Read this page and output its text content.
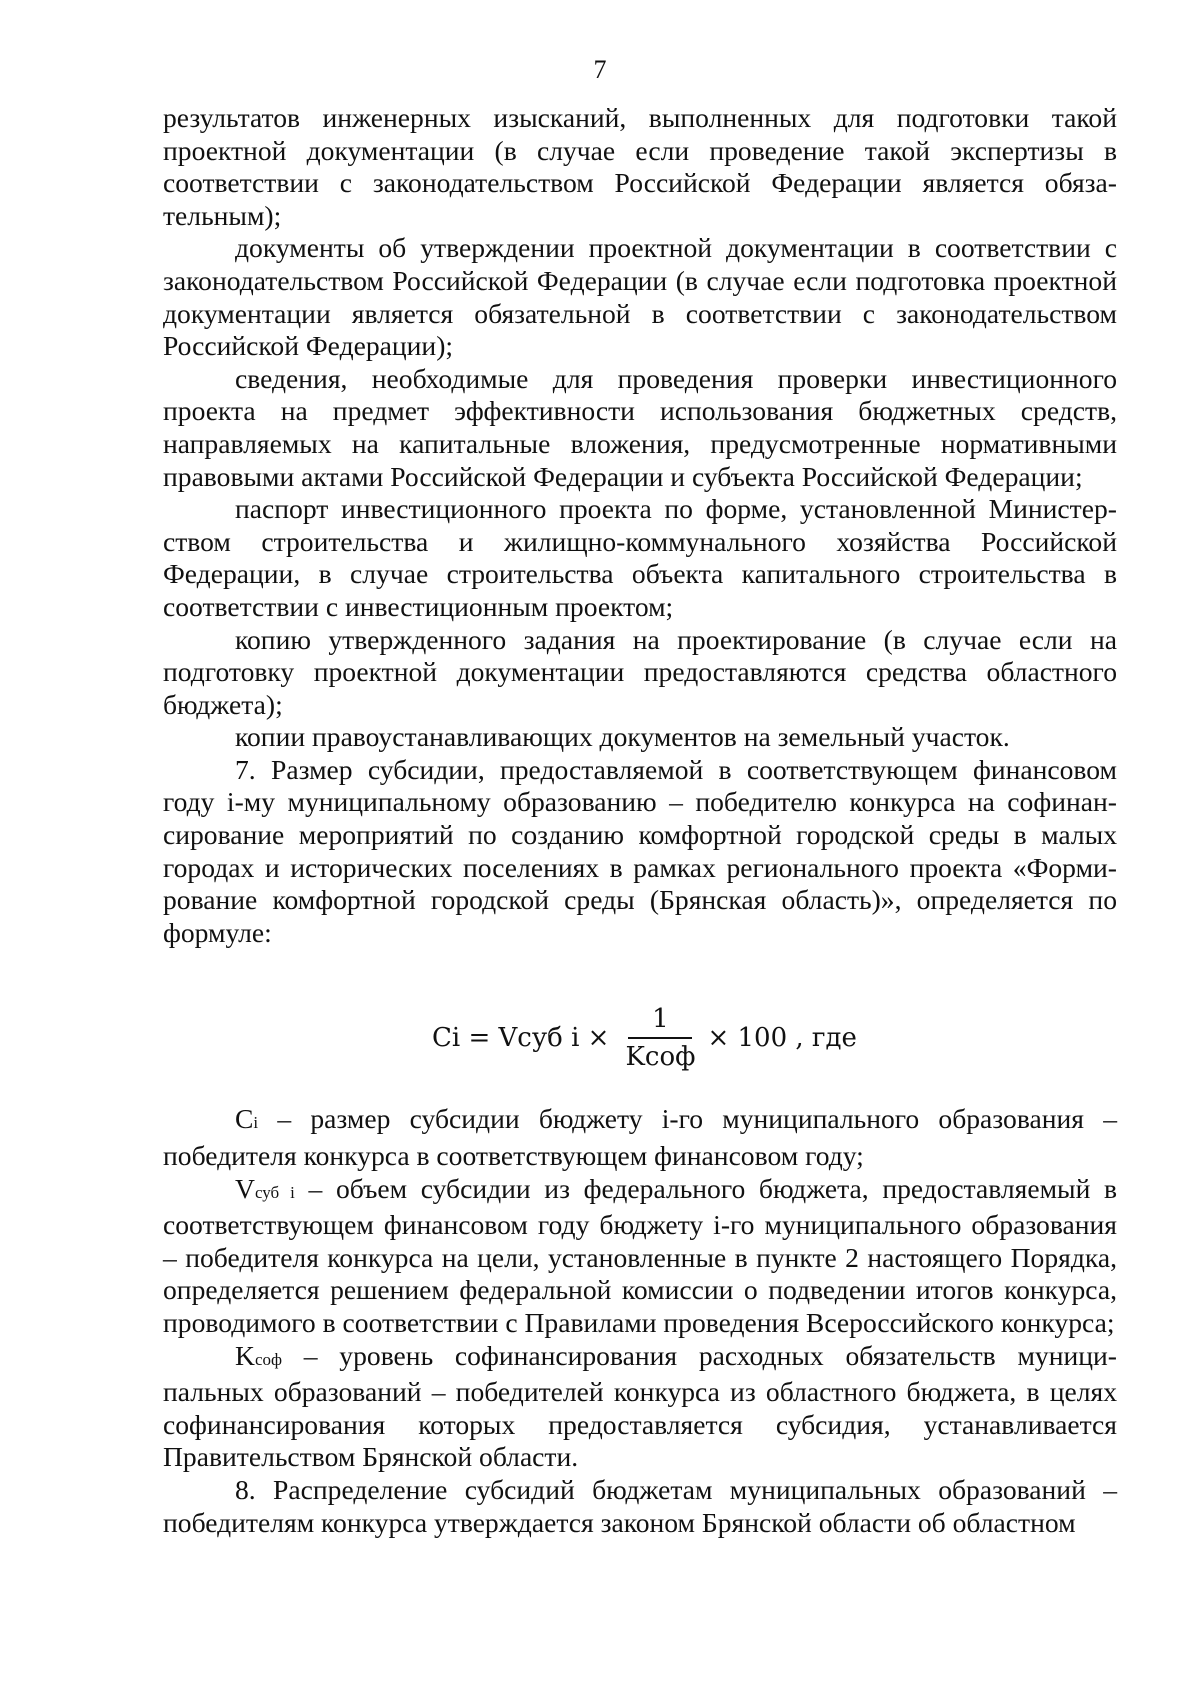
7

результатов инженерных изысканий, выполненных для подготовки такой проектной документации (в случае если проведение такой экспертизы в соответствии с законодательством Российской Федерации является обязательным);

документы об утверждении проектной документации в соответствии с законодательством Российской Федерации (в случае если подготовка проектной документации является обязательной в соответствии с законодательством Российской Федерации);

сведения, необходимые для проведения проверки инвестиционного проекта на предмет эффективности использования бюджетных средств, направляемых на капитальные вложения, предусмотренные нормативными правовыми актами Российской Федерации и субъекта Российской Федерации;

паспорт инвестиционного проекта по форме, установленной Министерством строительства и жилищно-коммунального хозяйства Российской Федерации, в случае строительства объекта капитального строительства в соответствии с инвестиционным проектом;

копию утвержденного задания на проектирование (в случае если на подготовку проектной документации предоставляются средства областного бюджета);

копии правоустанавливающих документов на земельный участок.

7. Размер субсидии, предоставляемой в соответствующем финансовом году i-му муниципальному образованию – победителю конкурса на софинансирование мероприятий по созданию комфортной городской среды в малых городах и исторических поселениях в рамках регионального проекта «Формирование комфортной городской среды (Брянская область)», определяется по формуле:

Ci = Vсуб $i \times \frac{1}{\text{Kсоф}} \times 100$ , где

Ci – размер субсидии бюджету i-го муниципального образования – победителя конкурса в соответствующем финансовом году;

Vсуб i – объем субсидии из федерального бюджета, предоставляемый в соответствующем финансовом году бюджету i-го муниципального образования – победителя конкурса на цели, установленные в пункте 2 настоящего Порядка, определяется решением федеральной комиссии о подведении итогов конкурса, проводимого в соответствии с Правилами проведения Всероссийского конкурса;

Kсоф – уровень софинансирования расходных обязательств муниципальных образований – победителей конкурса из областного бюджета, в целях софинансирования которых предоставляется субсидия, устанавливается Правительством Брянской области.

8. Распределение субсидий бюджетам муниципальных образований – победителям конкурса утверждается законом Брянской области об областном
